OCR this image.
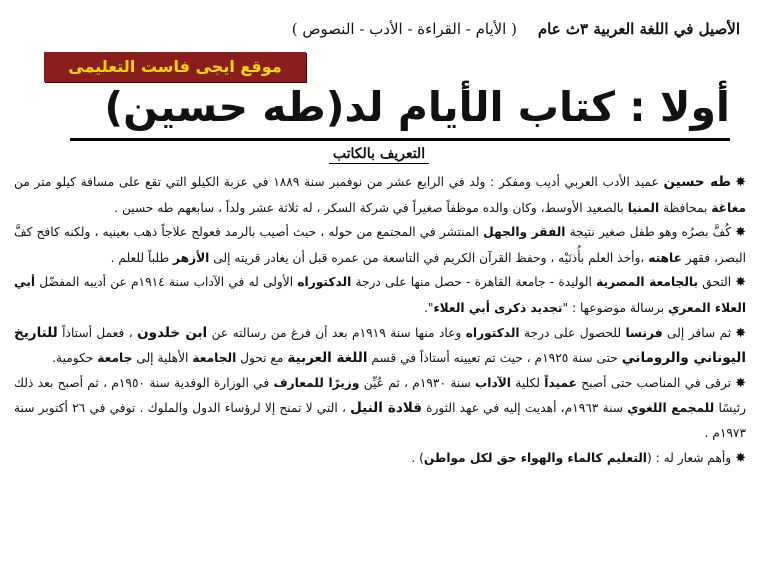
الأصيل في اللغة العربية ٣ث عام    ( الأيام - القراءة - الأدب - النصوص )
موقع ايجى فاست التعليمى
أولا : كتاب الأيام لد(طه حسين)
التعريف بالكاتب

✸طه حسين عميد الأدب العربي أديب ومفكر : ولد في الرابع عشر من نوفمبر سنة ١٨٨٩ في عزبة الكيلو التي تقع على مسافة كيلو متر من مغاغة بمحافظة المنيا بالصعيد الأوسط، وكان والده موظفاً صغيراً في شركة السكر ، له ثلاثة عشر ولداً ، سابعهم طه حسين .

✸كُفَّ بصرُه وهو طفل صغير نتيجة الفقر والجهل المنتشر في المجتمع من حوله ، حيث أصيب بالرمد فعولج علاجاً ذهب بعينيه ، ولكنه كافح كفَّ البصر، فقهر عاهته ،وأخذ العلم بأُذنَيْه ، وحفظ القرآن الكريم في التاسعة من عمره قبل أن يغادر قريته إلى الأزهر طلباً للعلم .

✸التحق بالجامعة المصرية الوليدة - جامعة القاهرة - حصل منها على درجة الدكتوراه الأولى له في الآداب سنة ١٩١٤م عن أديبه المفضّل أبي العلاء المعري برسالة موضوعها : "تجديد ذكرى أبي العلاء".

✸ثم سافر إلى فرنسا للحصول على درجة الدكتوراه وعاد منها سنة ١٩١٩م بعد أن فرغ من رسالته عن ابن خلدون ، فعمل أستاذاً للتاريخ اليوناني والروماني حتى سنة ١٩٢٥م ، حيث تم تعيينه أستاذاً في قسم اللغة العربية مع تحول الجامعة الأهلية إلى جامعة حكومية.

✸ترقى في المناصب حتى أصبح عميداً لكلية الآداب سنة ١٩٣٠م ، ثم عُيِّن وزيرًا للمعارف في الوزارة الوفدية سنة ١٩٥٠م ، ثم أصبح بعد ذلك رئيسًا للمجمع اللغوي سنة ١٩٦٣م، أهديت إليه في عهد الثورة قلادة النيل ، التي لا تمنح إلا لرؤساء الدول والملوك . توفي في ٢٦ أكتوبر سنة ١٩٧٣م .

✸وأهم شعار له : (التعليم كالماء والهواء حق لكل مواطن) .
